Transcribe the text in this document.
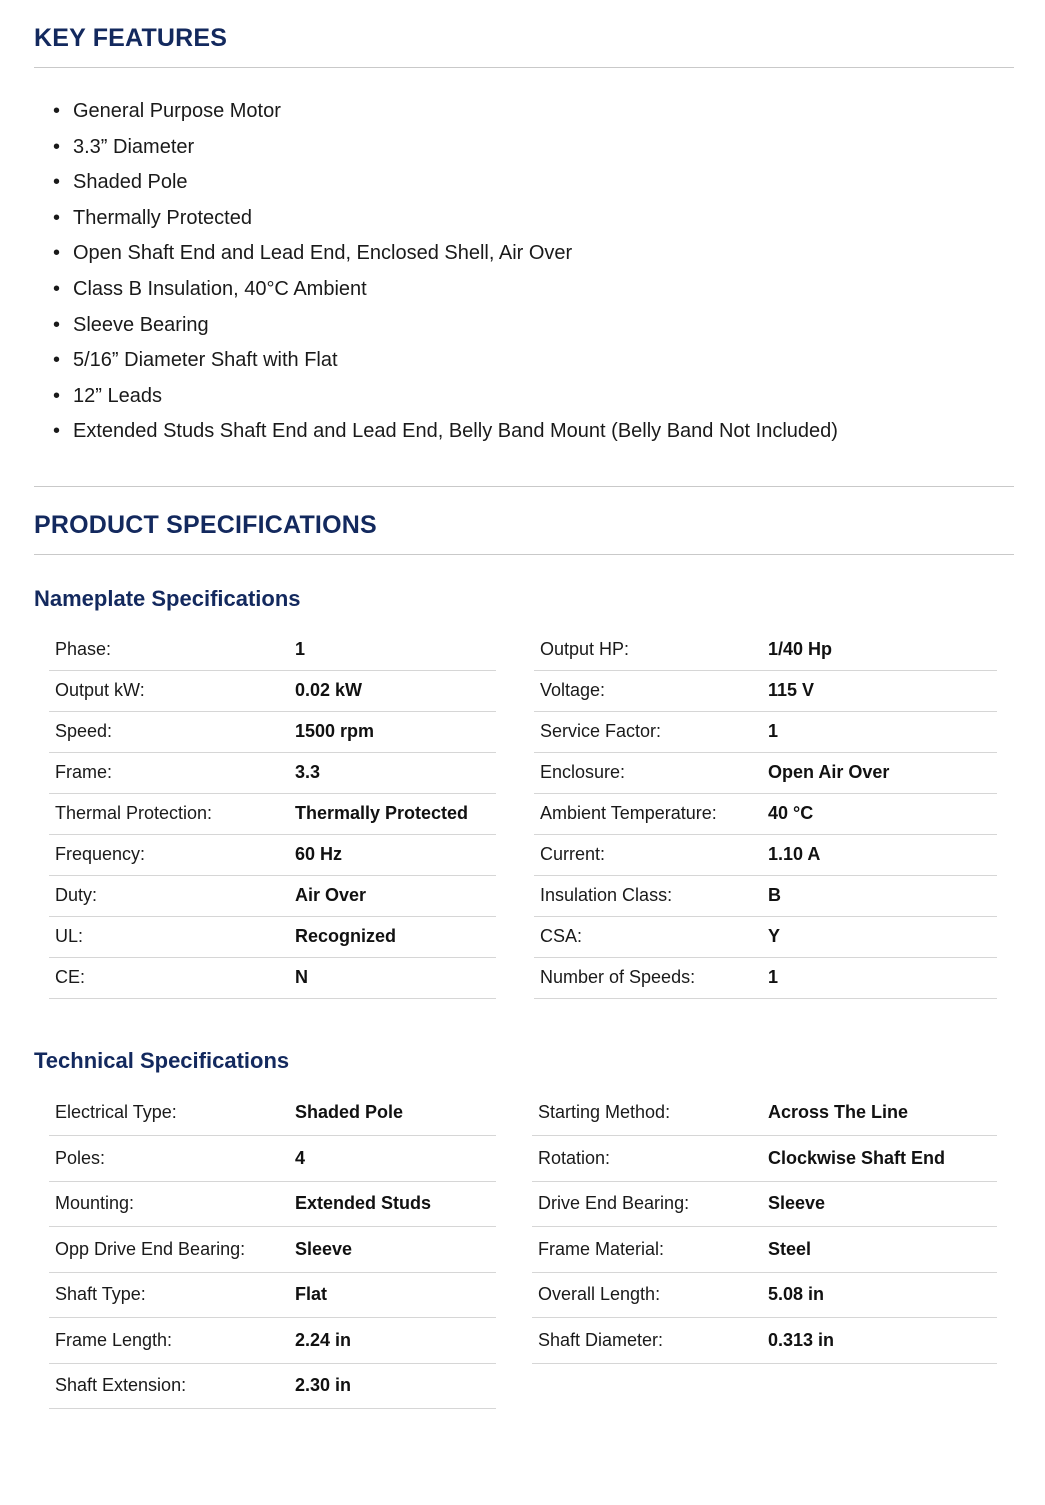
KEY FEATURES
• General Purpose Motor
• 3.3” Diameter
• Shaded Pole
• Thermally Protected
• Open Shaft End and Lead End, Enclosed Shell, Air Over
• Class B Insulation, 40°C Ambient
• Sleeve Bearing
• 5/16” Diameter Shaft with Flat
• 12” Leads
• Extended Studs Shaft End and Lead End, Belly Band Mount (Belly Band Not Included)
PRODUCT SPECIFICATIONS
Nameplate Specifications
Phase:	1
Output kW:	0.02 kW
Speed:	1500 rpm
Frame:	3.3
Thermal Protection:	Thermally Protected
Frequency:	60 Hz
Duty:	Air Over
UL:	Recognized
CE:	N
Output HP:	1/40 Hp
Voltage:	115 V
Service Factor:	1
Enclosure:	Open Air Over
Ambient Temperature:	40 °C
Current:	1.10 A
Insulation Class:	B
CSA:	Y
Number of Speeds:	1
Technical Specifications
Electrical Type:	Shaded Pole
Poles:	4
Mounting:	Extended Studs
Opp Drive End Bearing:	Sleeve
Shaft Type:	Flat
Frame Length:	2.24 in
Shaft Extension:	2.30 in
Starting Method:	Across The Line
Rotation:	Clockwise Shaft End
Drive End Bearing:	Sleeve
Frame Material:	Steel
Overall Length:	5.08 in
Shaft Diameter:	0.313 in
